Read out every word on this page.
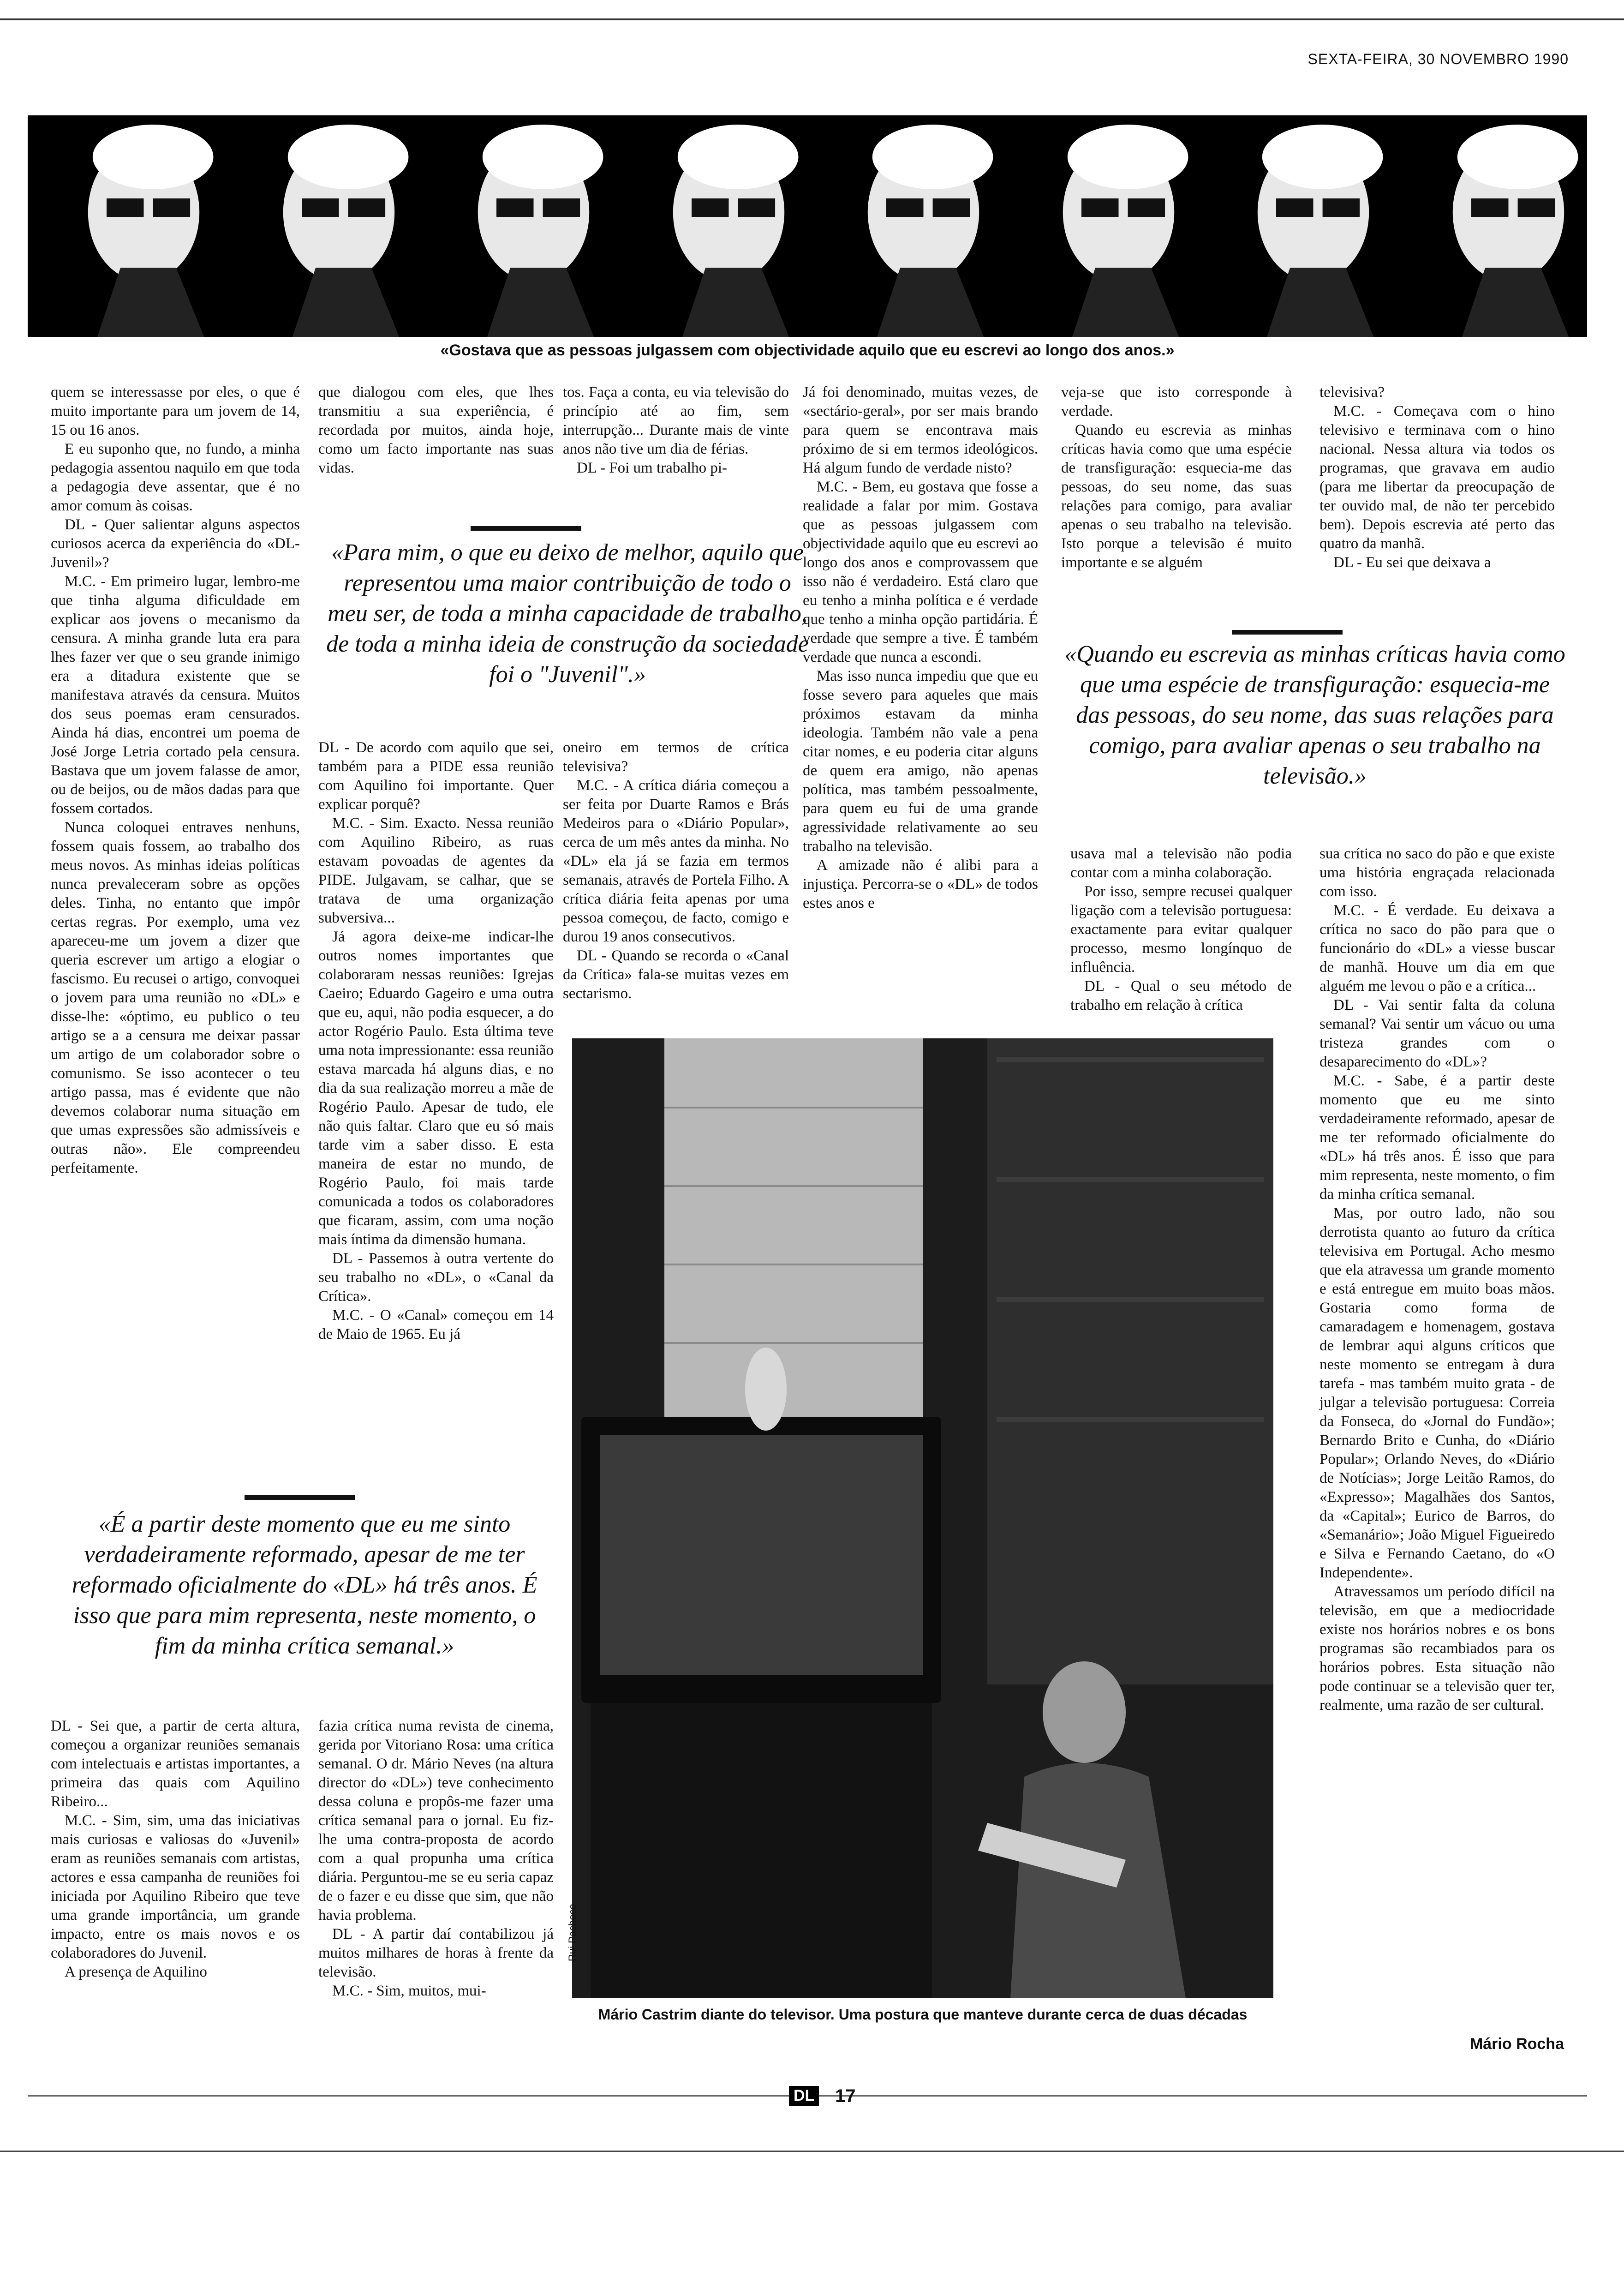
SEXTA-FEIRA, 30 NOVEMBRO 1990
«Gostava que as pessoas julgassem com objectividade aquilo que eu escrevi ao longo dos anos.»

quem se interessasse por eles, o que é muito importante para um jovem de 14, 15 ou 16 anos.

E eu suponho que, no fundo, a minha pedagogia assentou naquilo em que toda a pedagogia deve assentar, que é no amor comum às coisas.

DL - Quer salientar alguns aspectos curiosos acerca da experiência do «DL-Juvenil»?

M.C. - Em primeiro lugar, lembro-me que tinha alguma dificuldade em explicar aos jovens o mecanismo da censura. A minha grande luta era para lhes fazer ver que o seu grande inimigo era a ditadura existente que se manifestava através da censura. Muitos dos seus poemas eram censurados. Ainda há dias, encontrei um poema de José Jorge Letria cortado pela censura. Bastava que um jovem falasse de amor, ou de beijos, ou de mãos dadas para que fossem cortados.

Nunca coloquei entraves nenhuns, fossem quais fossem, ao trabalho dos meus novos. As minhas ideias políticas nunca prevaleceram sobre as opções deles. Tinha, no entanto que impôr certas regras. Por exemplo, uma vez apareceu-me um jovem a dizer que queria escrever um artigo a elogiar o fascismo. Eu recusei o artigo, convoquei o jovem para uma reunião no «DL» e disse-lhe: «óptimo, eu publico o teu artigo se a a censura me deixar passar um artigo de um colaborador sobre o comunismo. Se isso acontecer o teu artigo passa, mas é evidente que não devemos colaborar numa situação em que umas expressões são admissíveis e outras não». Ele compreendeu perfeitamente.

que dialogou com eles, que lhes transmitiu a sua experiência, é recordada por muitos, ainda hoje, como um facto importante nas suas vidas.

tos. Faça a conta, eu via televisão do princípio até ao fim, sem interrupção... Durante mais de vinte anos não tive um dia de férias.

DL - Foi um trabalho pi-

«Para mim, o que eu deixo de melhor, aquilo que representou uma maior contribuição de todo o meu ser, de toda a minha capacidade de trabalho, de toda a minha ideia de construção da sociedade foi o "Juvenil".»

Já foi denominado, muitas vezes, de «sectário-geral», por ser mais brando para quem se encontrava mais próximo de si em termos ideológicos. Há algum fundo de verdade nisto?

M.C. - Bem, eu gostava que fosse a realidade a falar por mim. Gostava que as pessoas julgassem com objectividade aquilo que eu escrevi ao longo dos anos e comprovassem que isso não é verdadeiro. Está claro que eu tenho a minha política e é verdade que tenho a minha opção partidária. É verdade que sempre a tive. É também verdade que nunca a escondi.

Mas isso nunca impediu que que eu fosse severo para aqueles que mais próximos estavam da minha ideologia. Também não vale a pena citar nomes, e eu poderia citar alguns de quem era amigo, não apenas política, mas também pessoalmente, para quem eu fui de uma grande agressividade relativamente ao seu trabalho na televisão.

A amizade não é alibi para a injustiça. Percorra-se o «DL» de todos estes anos e

veja-se que isto corresponde à verdade.

Quando eu escrevia as minhas críticas havia como que uma espécie de transfiguração: esquecia-me das pessoas, do seu nome, das suas relações para comigo, para avaliar apenas o seu trabalho na televisão. Isto porque a televisão é muito importante e se alguém

televisiva?

M.C. - Começava com o hino televisivo e terminava com o hino nacional. Nessa altura via todos os programas, que gravava em audio (para me libertar da preocupação de ter ouvido mal, de não ter percebido bem). Depois escrevia até perto das quatro da manhã.

DL - Eu sei que deixava a

«Quando eu escrevia as minhas críticas havia como que uma espécie de transfiguração: esquecia-me das pessoas, do seu nome, das suas relações para comigo, para avaliar apenas o seu trabalho na televisão.»

DL - De acordo com aquilo que sei, também para a PIDE essa reunião com Aquilino foi importante. Quer explicar porquê?

M.C. - Sim. Exacto. Nessa reunião com Aquilino Ribeiro, as ruas estavam povoadas de agentes da PIDE. Julgavam, se calhar, que se tratava de uma organização subversiva...

Já agora deixe-me indicar-lhe outros nomes importantes que colaboraram nessas reuniões: Igrejas Caeiro; Eduardo Gageiro e uma outra que eu, aqui, não podia esquecer, a do actor Rogério Paulo. Esta última teve uma nota impressionante: essa reunião estava marcada há alguns dias, e no dia da sua realização morreu a mãe de Rogério Paulo. Apesar de tudo, ele não quis faltar. Claro que eu só mais tarde vim a saber disso. E esta maneira de estar no mundo, de Rogério Paulo, foi mais tarde comunicada a todos os colaboradores que ficaram, assim, com uma noção mais íntima da dimensão humana.

DL - Passemos à outra vertente do seu trabalho no «DL», o «Canal da Crítica».

M.C. - O «Canal» começou em 14 de Maio de 1965. Eu já

oneiro em termos de crítica televisiva?

M.C. - A crítica diária começou a ser feita por Duarte Ramos e Brás Medeiros para o «Diário Popular», cerca de um mês antes da minha. No «DL» ela já se fazia em termos semanais, através de Portela Filho. A crítica diária feita apenas por uma pessoa começou, de facto, comigo e durou 19 anos consecutivos.

DL - Quando se recorda o «Canal da Crítica» fala-se muitas vezes em sectarismo.

usava mal a televisão não podia contar com a minha colaboração.

Por isso, sempre recusei qualquer ligação com a televisão portuguesa: exactamente para evitar qualquer processo, mesmo longínquo de influência.

DL - Qual o seu método de trabalho em relação à crítica

sua crítica no saco do pão e que existe uma história engraçada relacionada com isso.

M.C. - É verdade. Eu deixava a crítica no saco do pão para que o funcionário do «DL» a viesse buscar de manhã. Houve um dia em que alguém me levou o pão e a crítica...

DL - Vai sentir falta da coluna semanal? Vai sentir um vácuo ou uma tristeza grandes com o desaparecimento do «DL»?

M.C. - Sabe, é a partir deste momento que eu me sinto verdadeiramente reformado, apesar de me ter reformado oficialmente do «DL» há três anos. É isso que para mim representa, neste momento, o fim da minha crítica semanal.

Mas, por outro lado, não sou derrotista quanto ao futuro da crítica televisiva em Portugal. Acho mesmo que ela atravessa um grande momento e está entregue em muito boas mãos. Gostaria como forma de camaradagem e homenagem, gostava de lembrar aqui alguns críticos que neste momento se entregam à dura tarefa - mas também muito grata - de julgar a televisão portuguesa: Correia da Fonseca, do «Jornal do Fundão»; Bernardo Brito e Cunha, do «Diário Popular»; Orlando Neves, do «Diário de Notícias»; Jorge Leitão Ramos, do «Expresso»; Magalhães dos Santos, da «Capital»; Eurico de Barros, do «Semanário»; João Miguel Figueiredo e Silva e Fernando Caetano, do «O Independente».

Atravessamos um período difícil na televisão, em que a mediocridade existe nos horários nobres e os bons programas são recambiados para os horários pobres. Esta situação não pode continuar se a televisão quer ter, realmente, uma razão de ser cultural.

«É a partir deste momento que eu me sinto verdadeiramente reformado, apesar de me ter reformado oficialmente do «DL» há três anos. É isso que para mim representa, neste momento, o fim da minha crítica semanal.»

DL - Sei que, a partir de certa altura, começou a organizar reuniões semanais com intelectuais e artistas importantes, a primeira das quais com Aquilino Ribeiro...

M.C. - Sim, sim, uma das iniciativas mais curiosas e valiosas do «Juvenil» eram as reuniões semanais com artistas, actores e essa campanha de reuniões foi iniciada por Aquilino Ribeiro que teve uma grande importância, um grande impacto, entre os mais novos e os colaboradores do Juvenil.

A presença de Aquilino

fazia crítica numa revista de cinema, gerida por Vitoriano Rosa: uma crítica semanal. O dr. Mário Neves (na altura director do «DL») teve conhecimento dessa coluna e propôs-me fazer uma crítica semanal para o jornal. Eu fiz-lhe uma contra-proposta de acordo com a qual propunha uma crítica diária. Perguntou-me se eu seria capaz de o fazer e eu disse que sim, que não havia problema.

DL - A partir daí contabilizou já muitos milhares de horas à frente da televisão.

M.C. - Sim, muitos, mui-

Rui Pacheco
Mário Castrim diante do televisor. Uma postura que manteve durante cerca de duas décadas
Mário Rocha
DL 17
